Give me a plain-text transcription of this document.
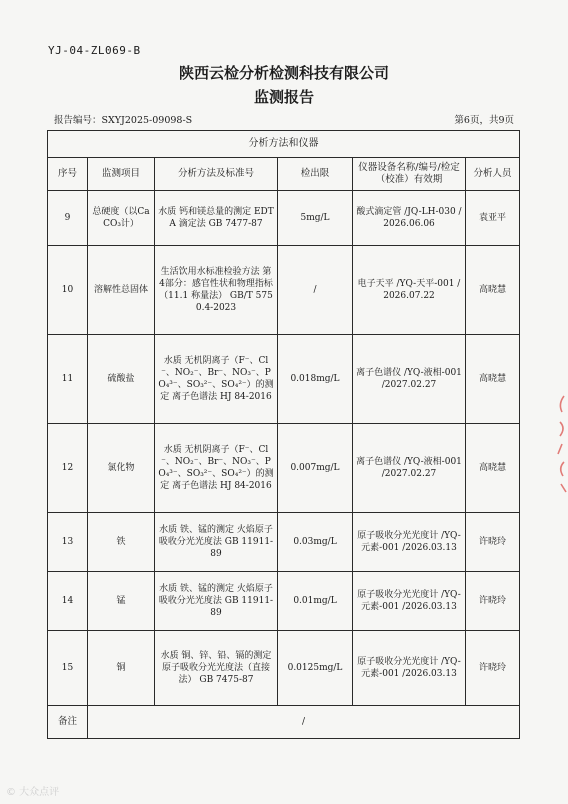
YJ-04-ZL069-B
陕西云检分析检测科技有限公司
监测报告
报告编号：SXYJ2025-09098-S	第6页，共9页
分析方法和仪器					
序号	监测项目	分析方法及标准号	检出限	仪器设备名称/编号/检定（校准）有效期	分析人员
9	总硬度（以CaCO₃计）	水质 钙和镁总量的测定 EDTA 滴定法 GB 7477-87	5mg/L	酸式滴定管 /JQ-LH-030 /2026.06.06	袁亚平
10	溶解性总固体	生活饮用水标准检验方法 第4部分：感官性状和物理指标（11.1 称量法） GB/T 5750.4-2023	/	电子天平 /YQ-天平-001 /2026.07.22	高晓慧
11	硫酸盐	水质 无机阴离子（F⁻、Cl⁻、NO₂⁻、Br⁻、NO₃⁻、PO₄³⁻、SO₃²⁻、SO₄²⁻）的测定 离子色谱法 HJ 84-2016	0.018mg/L	离子色谱仪 /YQ-液相-001 /2027.02.27	高晓慧
12	氯化物	水质 无机阴离子（F⁻、Cl⁻、NO₂⁻、Br⁻、NO₃⁻、PO₄³⁻、SO₃²⁻、SO₄²⁻）的测定 离子色谱法 HJ 84-2016	0.007mg/L	离子色谱仪 /YQ-液相-001 /2027.02.27	高晓慧
13	铁	水质 铁、锰的测定 火焰原子吸收分光光度法 GB 11911-89	0.03mg/L	原子吸收分光光度计 /YQ-元素-001 /2026.03.13	许晓玲
14	锰	水质 铁、锰的测定 火焰原子吸收分光光度法 GB 11911-89	0.01mg/L	原子吸收分光光度计 /YQ-元素-001 /2026.03.13	许晓玲
15	铜	水质 铜、锌、铅、镉的测定 原子吸收分光光度法（直接法） GB 7475-87	0.0125mg/L	原子吸收分光光度计 /YQ-元素-001 /2026.03.13	许晓玲
备注	/				
© 大众点评
